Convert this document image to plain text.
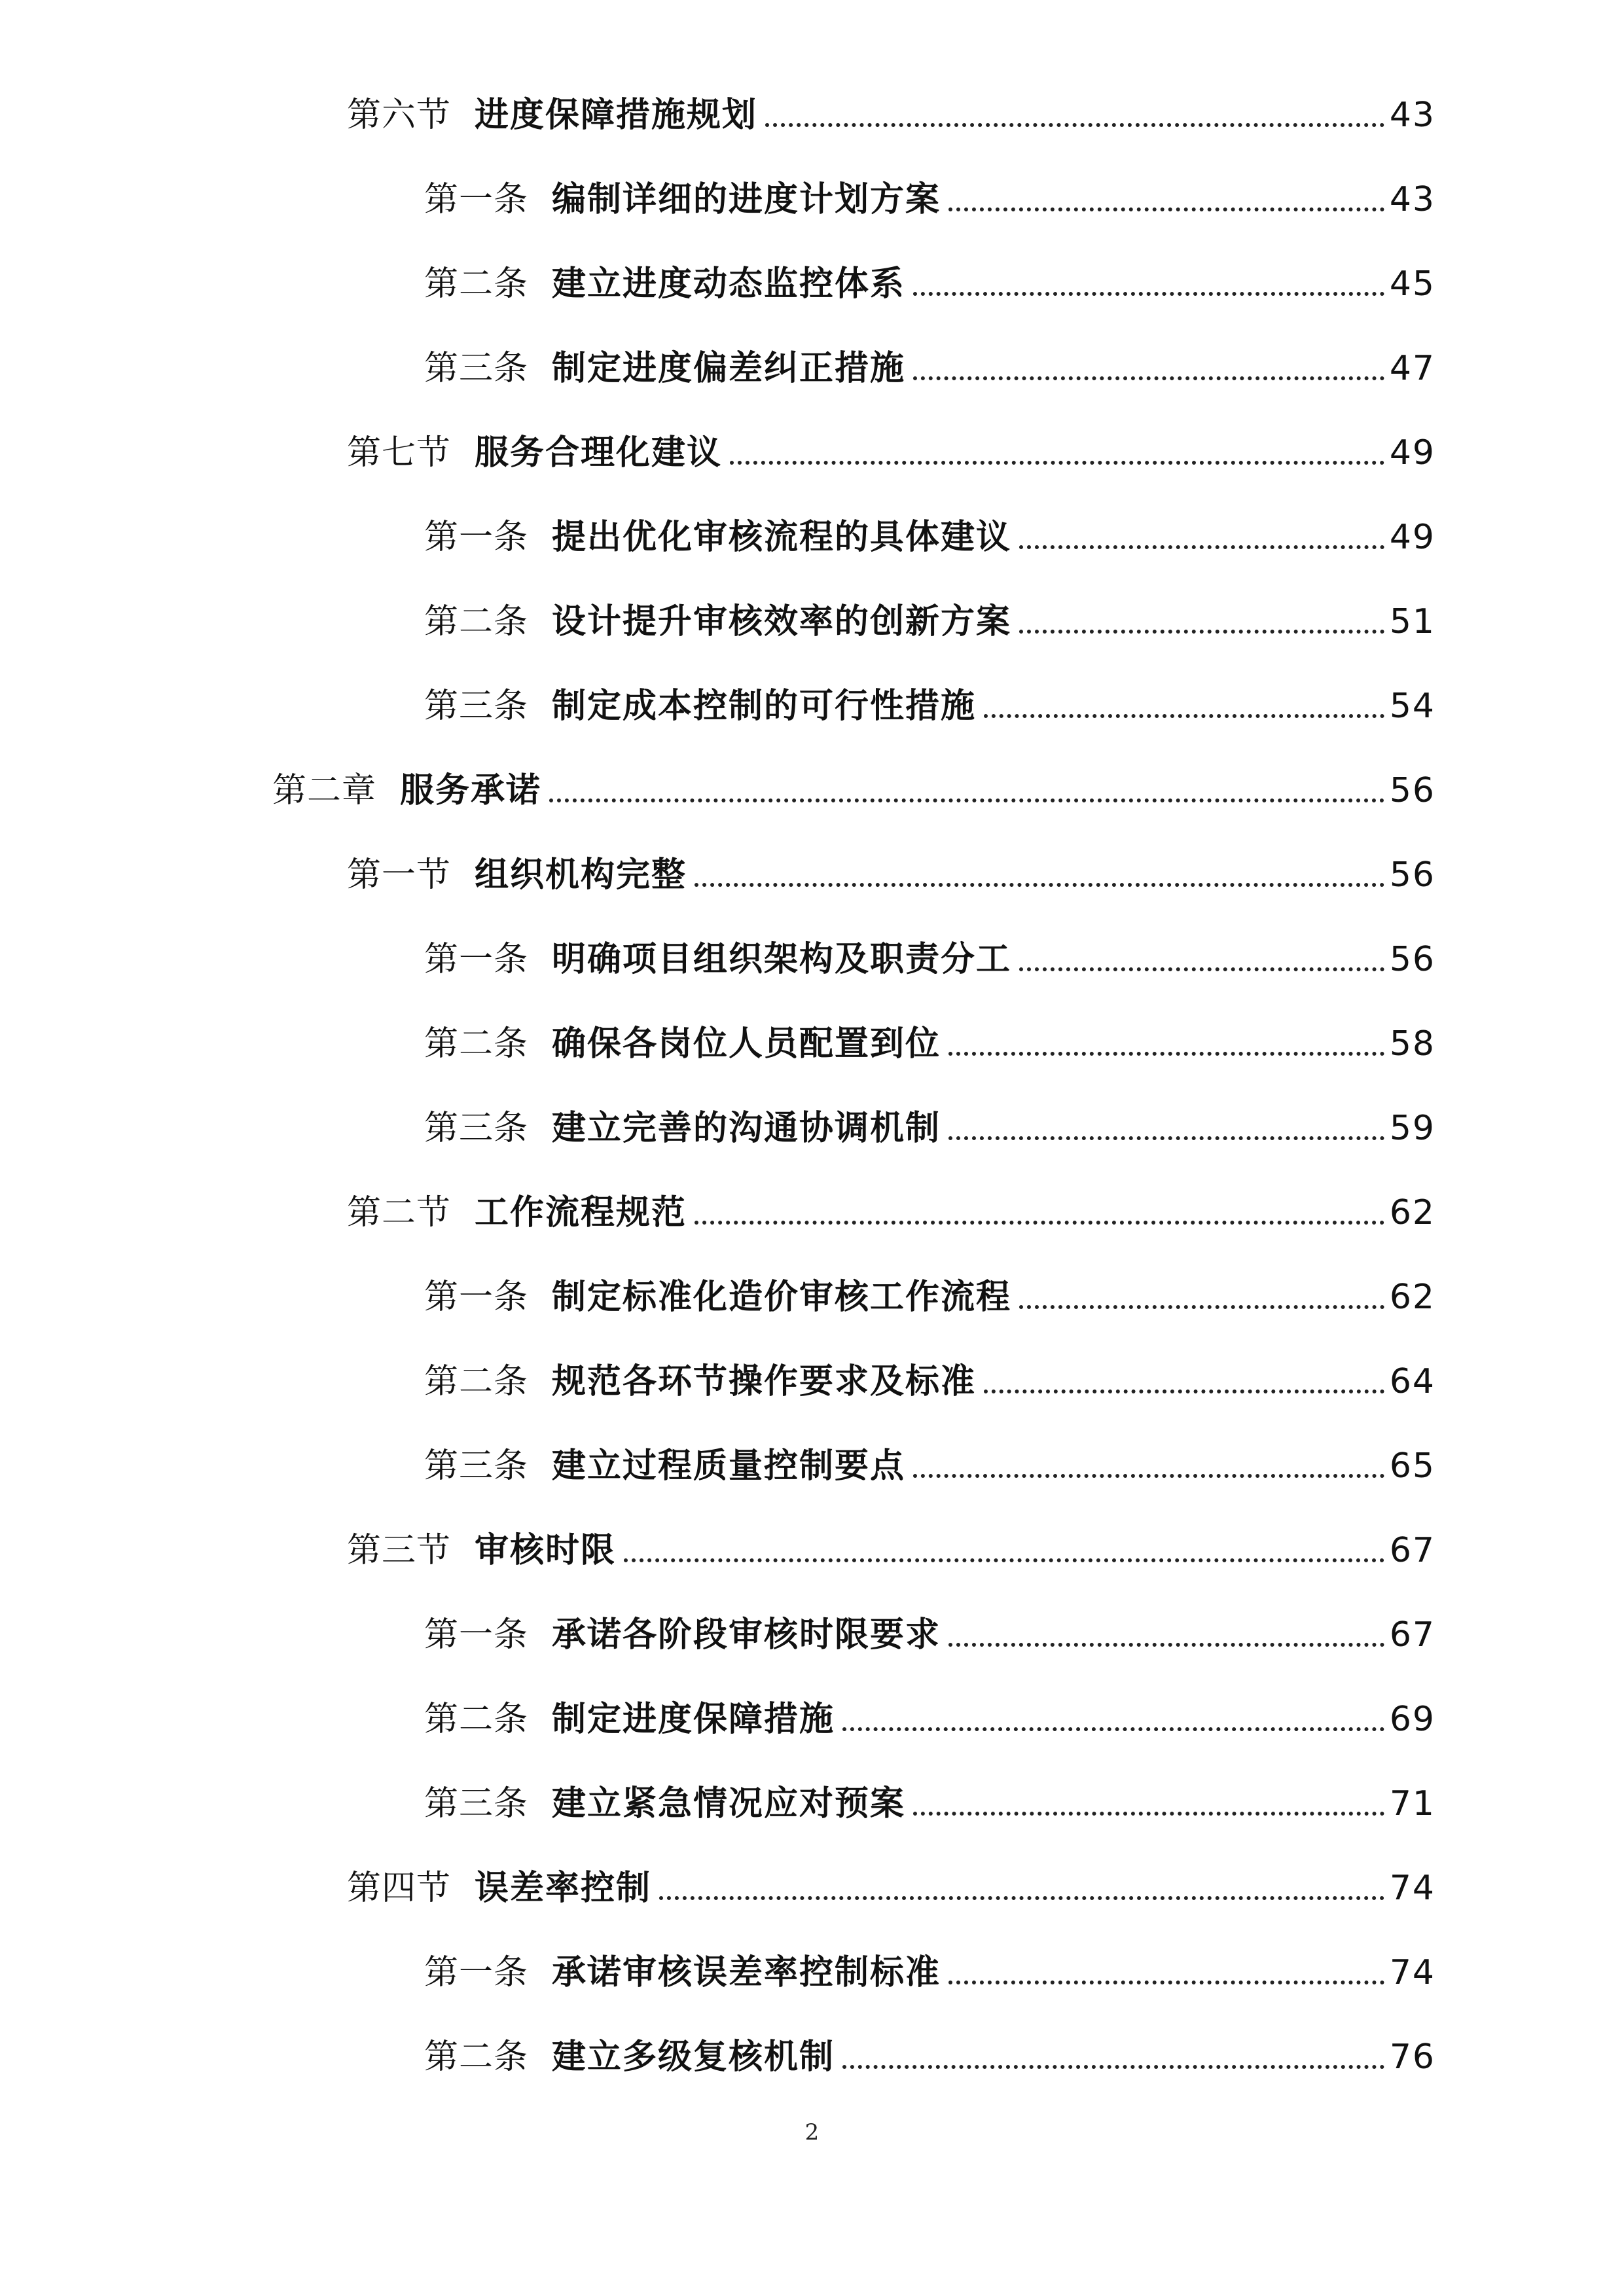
第六节 进度保障措施规划	43
第一条 编制详细的进度计划方案	43
第二条 建立进度动态监控体系	45
第三条 制定进度偏差纠正措施	47
第七节 服务合理化建议	49
第一条 提出优化审核流程的具体建议	49
第二条 设计提升审核效率的创新方案	51
第三条 制定成本控制的可行性措施	54
第二章 服务承诺	56
第一节 组织机构完整	56
第一条 明确项目组织架构及职责分工	56
第二条 确保各岗位人员配置到位	58
第三条 建立完善的沟通协调机制	59
第二节 工作流程规范	62
第一条 制定标准化造价审核工作流程	62
第二条 规范各环节操作要求及标准	64
第三条 建立过程质量控制要点	65
第三节 审核时限	67
第一条 承诺各阶段审核时限要求	67
第二条 制定进度保障措施	69
第三条 建立紧急情况应对预案	71
第四节 误差率控制	74
第一条 承诺审核误差率控制标准	74
第二条 建立多级复核机制	76
2
